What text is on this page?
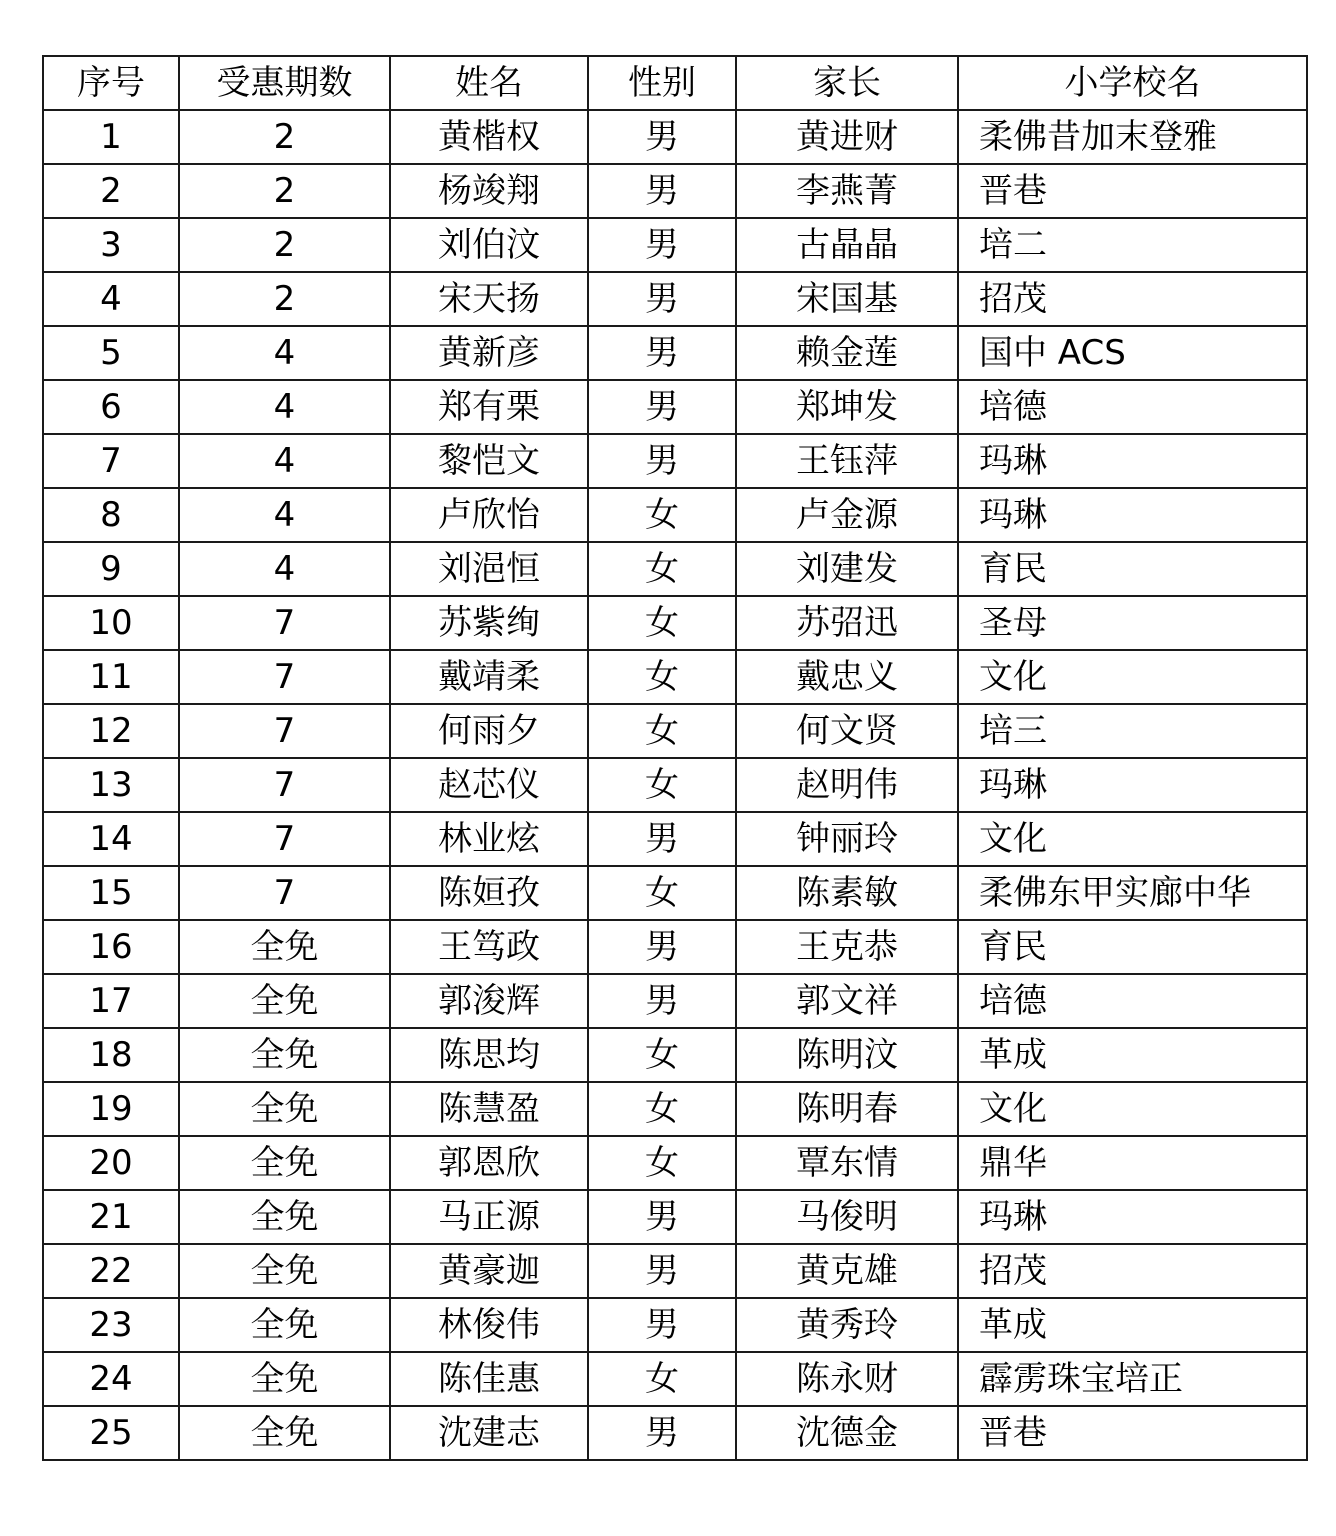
序号	受惠期数	姓名	性别	家长	小学校名
1	2	黄楷权	男	黄进财	柔佛昔加末登雅
2	2	杨竣翔	男	李燕菁	晋巷
3	2	刘伯汶	男	古晶晶	培二
4	2	宋天扬	男	宋国基	招茂
5	4	黄新彦	男	赖金莲	国中 ACS
6	4	郑有栗	男	郑坤发	培德
7	4	黎恺文	男	王钰萍	玛琳
8	4	卢欣怡	女	卢金源	玛琳
9	4	刘浥恒	女	刘建发	育民
10	7	苏紫绚	女	苏弨迅	圣母
11	7	戴靖柔	女	戴忠义	文化
12	7	何雨夕	女	何文贤	培三
13	7	赵芯仪	女	赵明伟	玛琳
14	7	林业炫	男	钟丽玲	文化
15	7	陈姮孜	女	陈素敏	柔佛东甲实廊中华
16	全免	王笃政	男	王克恭	育民
17	全免	郭浚辉	男	郭文祥	培德
18	全免	陈思均	女	陈明汶	革成
19	全免	陈慧盈	女	陈明春	文化
20	全免	郭恩欣	女	覃东情	鼎华
21	全免	马正源	男	马俊明	玛琳
22	全免	黄豪迦	男	黄克雄	招茂
23	全免	林俊伟	男	黄秀玲	革成
24	全免	陈佳惠	女	陈永财	霹雳珠宝培正
25	全免	沈建志	男	沈德金	晋巷
